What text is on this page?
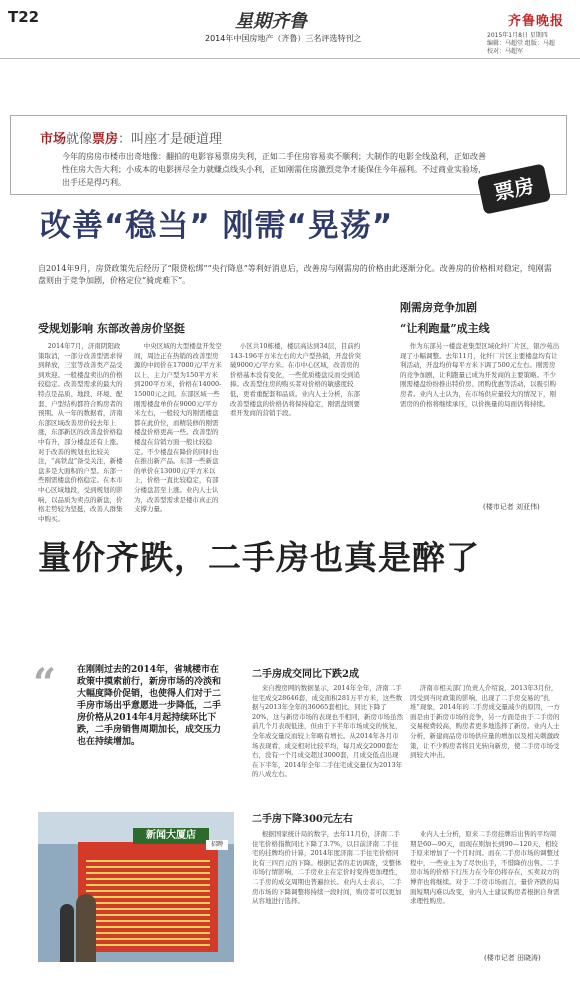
T22	星期齐鲁
2014年中国房地产（齐鲁）三名评选特刊之
齐鲁晚报
2015年1月8日 星期四
编辑：马超堂 组版：马超
校对：马超军
市场就像票房：叫座才是硬道理
今年的房房市楼市出奇地像：翻拍的电影容易票房失利，正如二手住房容易卖不顺利；大制作的电影全线盈利，正如改善性住房大告大利；小成本的电影拼尽全力就赚点线头小利，正如刚需住房激烈竞争才能保住今年福利。不过商业实验场，出手还是得巧利。	票房
改善“稳当” 刚需“晃荡”
自2014年9月，房贷政策先后经历了“限贷松绑”“央行降息”等利好消息后，改善房与刚需房的价格由此逐渐分化。改善房的价格相对稳定，纯刚需盘则由于竞争加剧，价格定位“骑虎难下”。
受规划影响 东部改善房价坚挺
刚需房竞争加剧
“让利跑量”成主线
2014年7月，济南阴阳政策取消，一部分改善型需求得到释放，三室等改善类产品受到欢迎。一般楼盘卖出的价格较稳定。改善型需求的最大的特点是品质、地段、环境、配套、户型结构都符合购房者的预期。从一年的数据看，济南东部区域改善房价较去年上涨，东部新区的改善盘价格稳中有升，部分楼盘还有上涨。对于改善的规划也比较关注，“高铁盘”备受关注，新楼盘多是大面积的户型。东部一些刚需楼盘价格稳定。在本市中心区域地段，受到规划的影响，以品质为卖点的新盘，价格走势较为坚挺，改善人群集中购买。
中央区域的大型楼盘开发空间，周边正在热销的改善型房源的中间价在17000元/平方米以上，主力户型为150平方米到200平方米，价格在14000-15000元之间。东部区域一些刚需楼盘单价在9000元/平方米左右，一般较大的刚需楼盘都在此价位，而精装修的刚需楼盘价格更高一些。改善型的楼盘在营销方面一般比较稳定。不少楼盘在降价的同时也在推出新产品。东部一些新盘的单价在13000元/平方米以上，价格一直比较稳定，有部分楼盘甚至上涨。业内人士认为，改善型需求是楼市真正的支撑力量。
小区共10栋楼，楼层高达到34层，目前约143-196平方米左右的大户型热销，开盘价突破9000元/平方米。在市中心区域，改善房的价格基本没有变化，一些优质楼盘反而受到追捧。改善型住房的购买者对价格的敏感度较低，更看重配套和品质。业内人士分析，东部改善型楼盘的价格仍将保持稳定，刚需盘则要看开发商的营销手段。
作为东部另一楼盘老集型区域化纤厂片区，银沙苑出现了小幅调整。去年11月，化纤厂片区主要楼盘均有让利活动，开盘均价每平方米下调了500元左右。刚需房的竞争加剧，让利跑量已成为开发商的主要策略。不少刚需楼盘纷纷推出特价房、团购优惠等活动，以吸引购房者。业内人士认为，在市场供应量较大的情况下，刚需房的价格将继续承压，以价换量的局面仍将持续。
(楼市记者 刘亚伟)
量价齐跌，二手房也真是醉了
“ 在刚刚过去的2014年，省城楼市在政策中摸索前行，新房市场的冷淡和大幅度降价促销，也使得人们对于二手房市场出乎意愿进一步降低，二手房价格从2014年4月起持续环比下跌，二手房销售周期加长，成交压力也在持续增加。
二手房成交同比下跌2成
来自搜房网的数据显示，2014年全年，济南二手住宅成交28646套，成交面积281万平方米，这些数据与2013年全年的36065套相比，同比下降了20%，这与新房市场的表现也不相同，新房市场虽然前几个月表现低迷，但由于下半年市场成交的恢复，全年成交量反而较上年略有增长。从2014年各月市场表现看，成交相对比较平均，每月成交2000套左右，没有一个月成交超过3000套，月成交低点出现在下半年，2014年全年二手住宅成交量仅为2013年的八成左右。
济南市相关部门负责人介绍说，2013年3月份，因受到当时政策的影响，出现了二手房交易的“扎堆”现象，2014年的二手房成交量减少的原因，一方面是由于新房市场的竞争，另一方面是由于二手房的交易税费较高，购房者更多地选择了新房。业内人士分析，新建商品房市场供应量的增加以及相关刺激政策，让不少购房者将目光转向新房，使二手房市场受到较大冲击。
新闻大厦店
招聘
二手房下降300元左右
根据国家统计局的数字，去年11月份，济南二手住宅价格指数同比下降了3.7%，以目前济南二手住宅的挂牌均价计算，2014年度济南二手住宅价格同比有三四百元的下降。根据记者的走访调查，受整体市场行情影响，二手房业主在定价时变得更加理性，二手房的成交周期也普遍拉长。业内人士表示，二手房市场的下降调整将持续一段时间，购房者可以更加从容地进行选择。
业内人士分析，原来二手房挂牌后出售的平均周期是60—90天，而现在则加长到90—120天，相较于原来增加了一个月时间。而在二手房市场的调整过程中，一些业主为了尽快出手，不惜降价出售。二手房市场的价格下行压力在今年仍将存在，买卖双方的博弈也将继续。对于二手房市场而言，量价齐跌的局面短期内难以改变，业内人士建议购房者根据自身需求理性购房。
(楼市记者 田晓涛)
